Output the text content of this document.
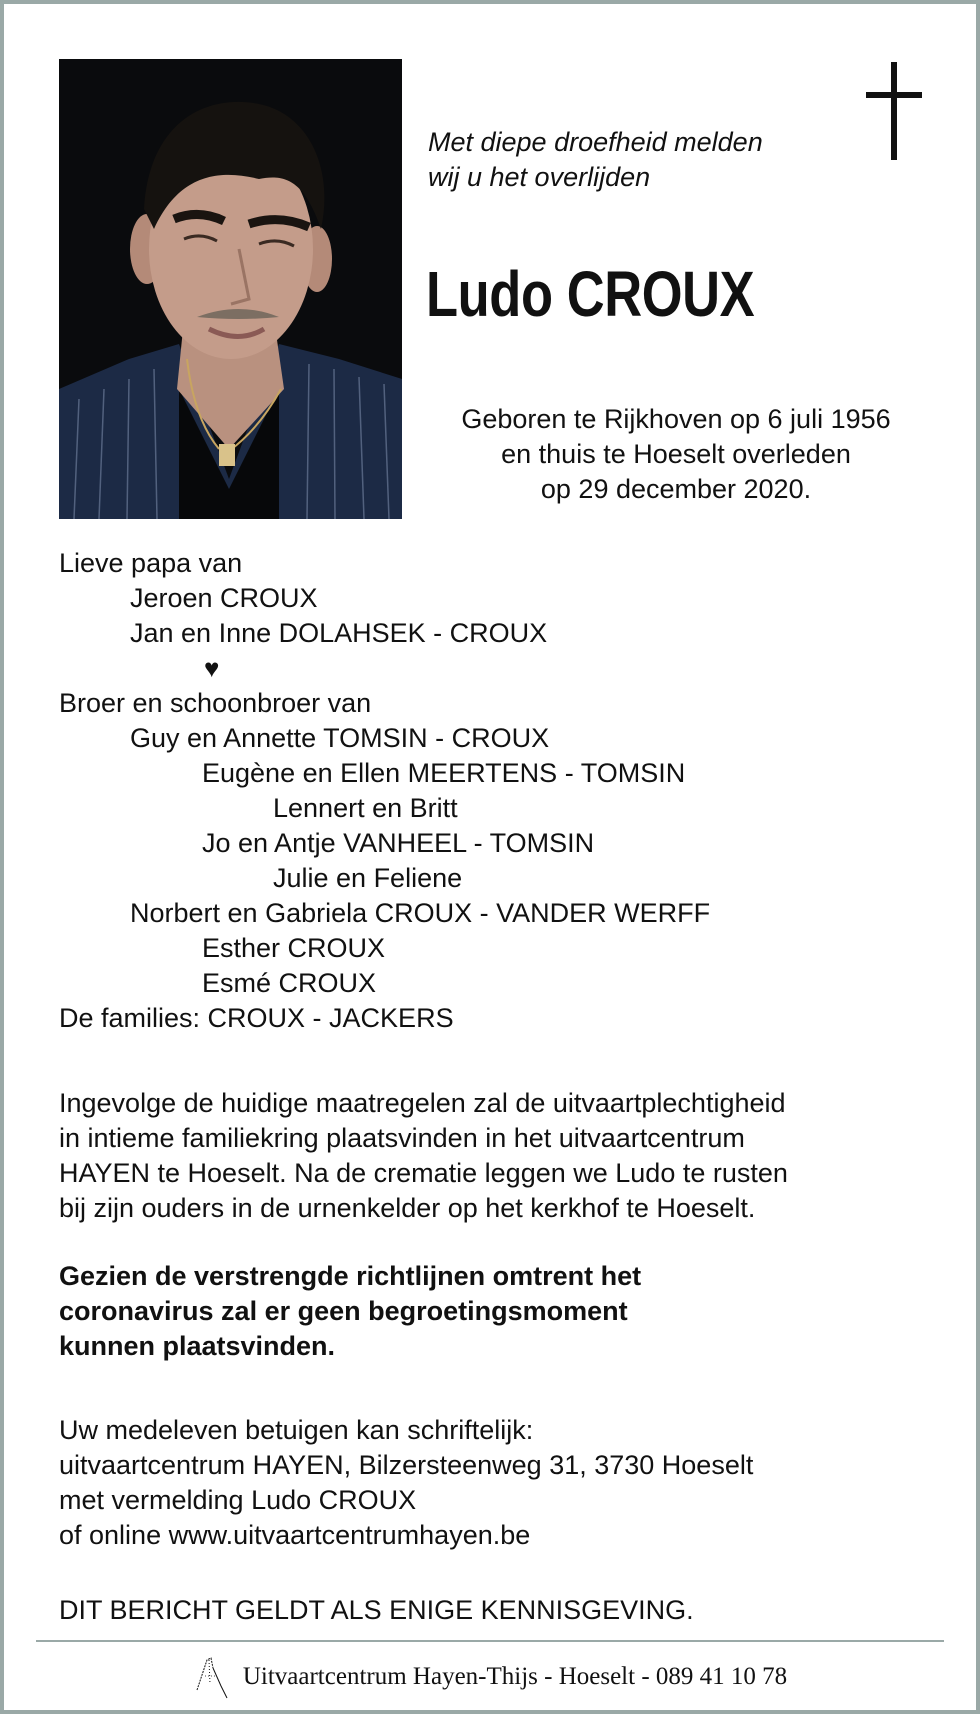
Met diepe droefheid melden
wij u het overlijden
Ludo CROUX
Geboren te Rijkhoven op 6 juli 1956
en thuis te Hoeselt overleden
op 29 december 2020.
Lieve papa van
Jeroen CROUX
Jan en Inne DOLAHSEK - CROUX
♥
Broer en schoonbroer van
Guy en Annette TOMSIN - CROUX
Eugène en Ellen MEERTENS - TOMSIN
Lennert en Britt
Jo en Antje VANHEEL - TOMSIN
Julie en Feliene
Norbert en Gabriela CROUX - VANDER WERFF
Esther CROUX
Esmé CROUX
De families: CROUX - JACKERS
Ingevolge de huidige maatregelen zal de uitvaartplechtigheid
in intieme familiekring plaatsvinden in het uitvaartcentrum
HAYEN te Hoeselt. Na de crematie leggen we Ludo te rusten
bij zijn ouders in de urnenkelder op het kerkhof te Hoeselt.
Gezien de verstrengde richtlijnen omtrent het
coronavirus zal er geen begroetingsmoment
kunnen plaatsvinden.
Uw medeleven betuigen kan schriftelijk:
uitvaartcentrum HAYEN, Bilzersteenweg 31, 3730 Hoeselt
met vermelding Ludo CROUX
of online www.uitvaartcentrumhayen.be
DIT BERICHT GELDT ALS ENIGE KENNISGEVING.
Uitvaartcentrum Hayen-Thijs - Hoeselt - 089 41 10 78
